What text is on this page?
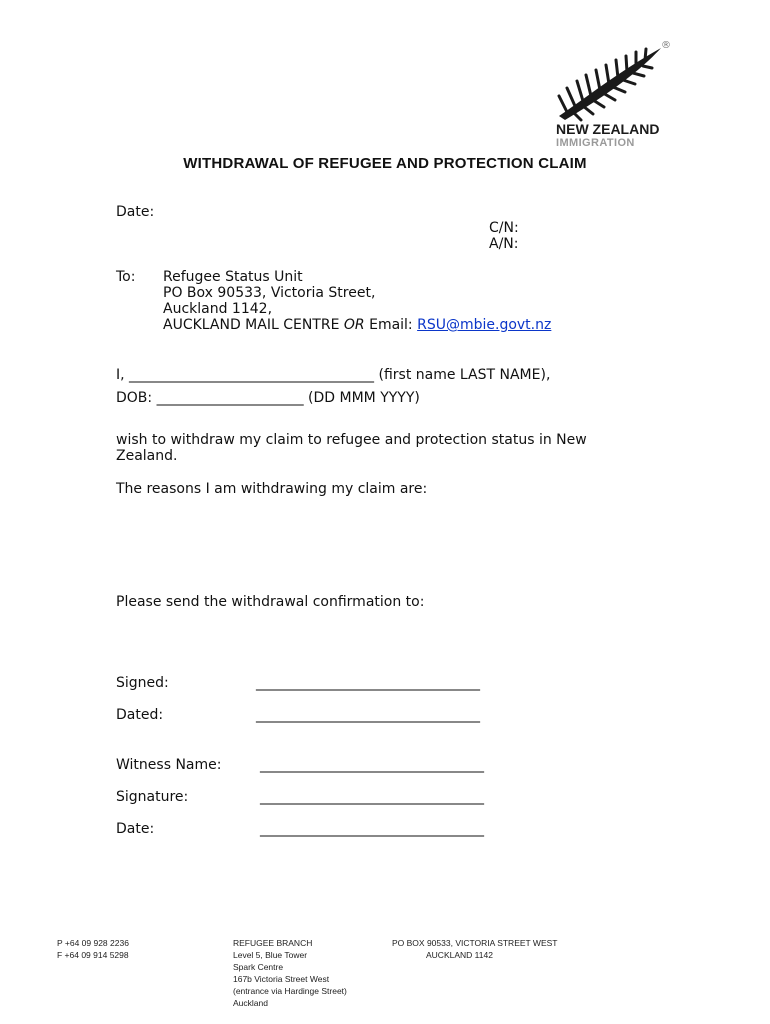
®
NEW ZEALAND
IMMIGRATION
WITHDRAWAL OF REFUGEE AND PROTECTION CLAIM
Date:
C/N:
A/N:
To: Refugee Status Unit
PO Box 90533, Victoria Street,
Auckland 1142,
AUCKLAND MAIL CENTRE OR Email: RSU@mbie.govt.nz
I, ___________________________________ (first name LAST NAME),
DOB: _____________________ (DD MMM YYYY)
wish to withdraw my claim to refugee and protection status in New
Zealand.
The reasons I am withdrawing my claim are:
Please send the withdrawal confirmation to:
Signed:	________________________________
Dated:	________________________________
Witness Name:	________________________________
Signature:	________________________________
Date:	________________________________
P +64 09 928 2236
F +64 09 914 5298
REFUGEE BRANCH
Level 5, Blue Tower
Spark Centre
167b Victoria Street West
(entrance via Hardinge Street)
Auckland
PO BOX 90533, VICTORIA STREET WEST
AUCKLAND 1142
